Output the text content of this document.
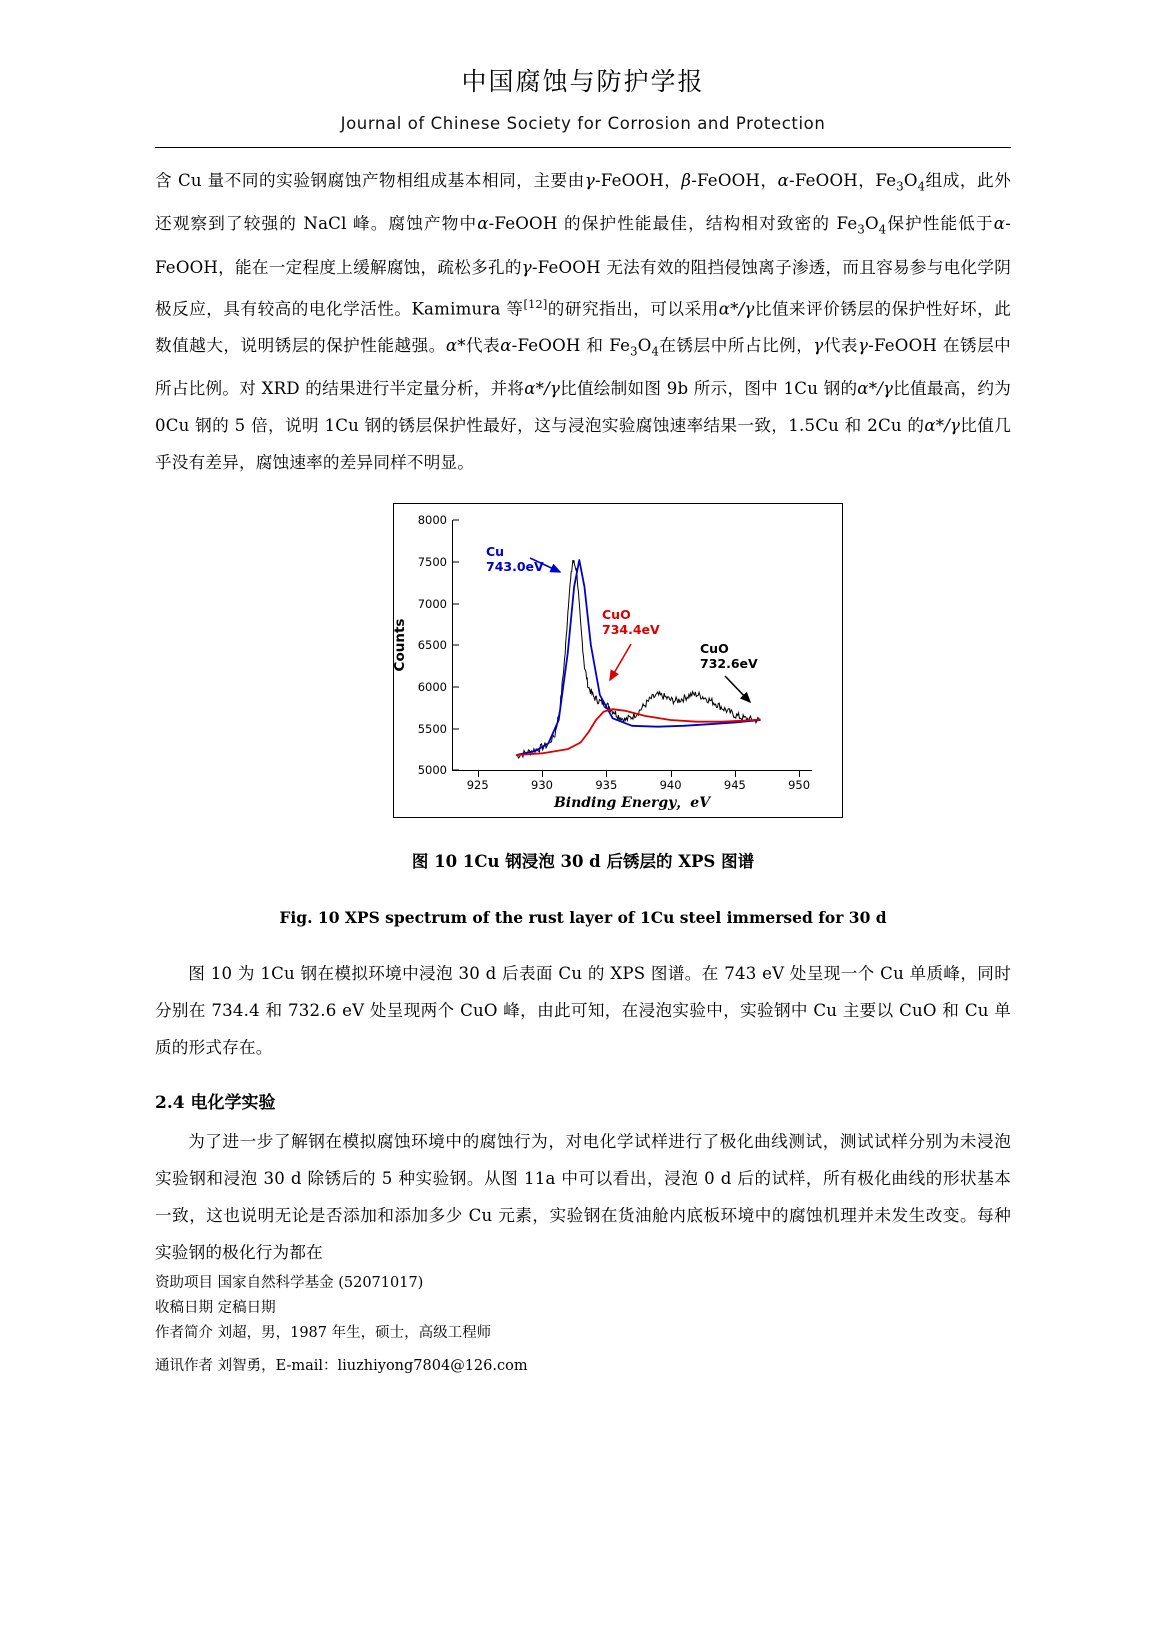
中国腐蚀与防护学报
Journal of Chinese Society for Corrosion and Protection

含 Cu 量不同的实验钢腐蚀产物相组成基本相同，主要由γ-FeOOH，β-FeOOH，α-FeOOH，$Fe_3O_4$组成，此外还观察到了较强的 NaCl 峰。腐蚀产物中α-FeOOH 的保护性能最佳，结构相对致密的 $Fe_3O_4$保护性能低于α-FeOOH，能在一定程度上缓解腐蚀，疏松多孔的γ-FeOOH 无法有效的阻挡侵蚀离子渗透，而且容易参与电化学阴极反应，具有较高的电化学活性。Kamimura 等[12]的研究指出，可以采用α*/γ比值来评价锈层的保护性好坏，此数值越大，说明锈层的保护性能越强。α*代表α-FeOOH 和 $Fe_3O_4$在锈层中所占比例，γ代表γ-FeOOH 在锈层中所占比例。对 XRD 的结果进行半定量分析，并将α*/γ比值绘制如图 9b 所示，图中 1Cu 钢的α*/γ比值最高，约为 0Cu 钢的 5 倍，说明 1Cu 钢的锈层保护性最好，这与浸泡实验腐蚀速率结果一致，1.5Cu 和 2Cu 的α*/γ比值几乎没有差异，腐蚀速率的差异同样不明显。

5000
5500
6000
6500
7000
7500
8000
925	930	935	940	945	950
Counts
Binding Energy，eV
Cu
743.0eV
CuO
734.4eV
CuO
732.6eV
图 10 1Cu 钢浸泡 30 d 后锈层的 XPS 图谱
Fig. 10 XPS spectrum of the rust layer of 1Cu steel immersed for 30 d

图 10 为 1Cu 钢在模拟环境中浸泡 30 d 后表面 Cu 的 XPS 图谱。在 743 eV 处呈现一个 Cu 单质峰，同时分别在 734.4 和 732.6 eV 处呈现两个 CuO 峰，由此可知，在浸泡实验中，实验钢中 Cu 主要以 CuO 和 Cu 单质的形式存在。

2.4 电化学实验

为了进一步了解钢在模拟腐蚀环境中的腐蚀行为，对电化学试样进行了极化曲线测试，测试试样分别为未浸泡实验钢和浸泡 30 d 除锈后的 5 种实验钢。从图 11a 中可以看出，浸泡 0 d 后的试样，所有极化曲线的形状基本一致，这也说明无论是否添加和添加多少 Cu 元素，实验钢在货油舱内底板环境中的腐蚀机理并未发生改变。每种实验钢的极化行为都在

资助项目 国家自然科学基金 (52071017)
收稿日期 定稿日期
作者简介 刘超，男，1987 年生，硕士，高级工程师
通讯作者 刘智勇，E-mail：liuzhiyong7804@126.com
